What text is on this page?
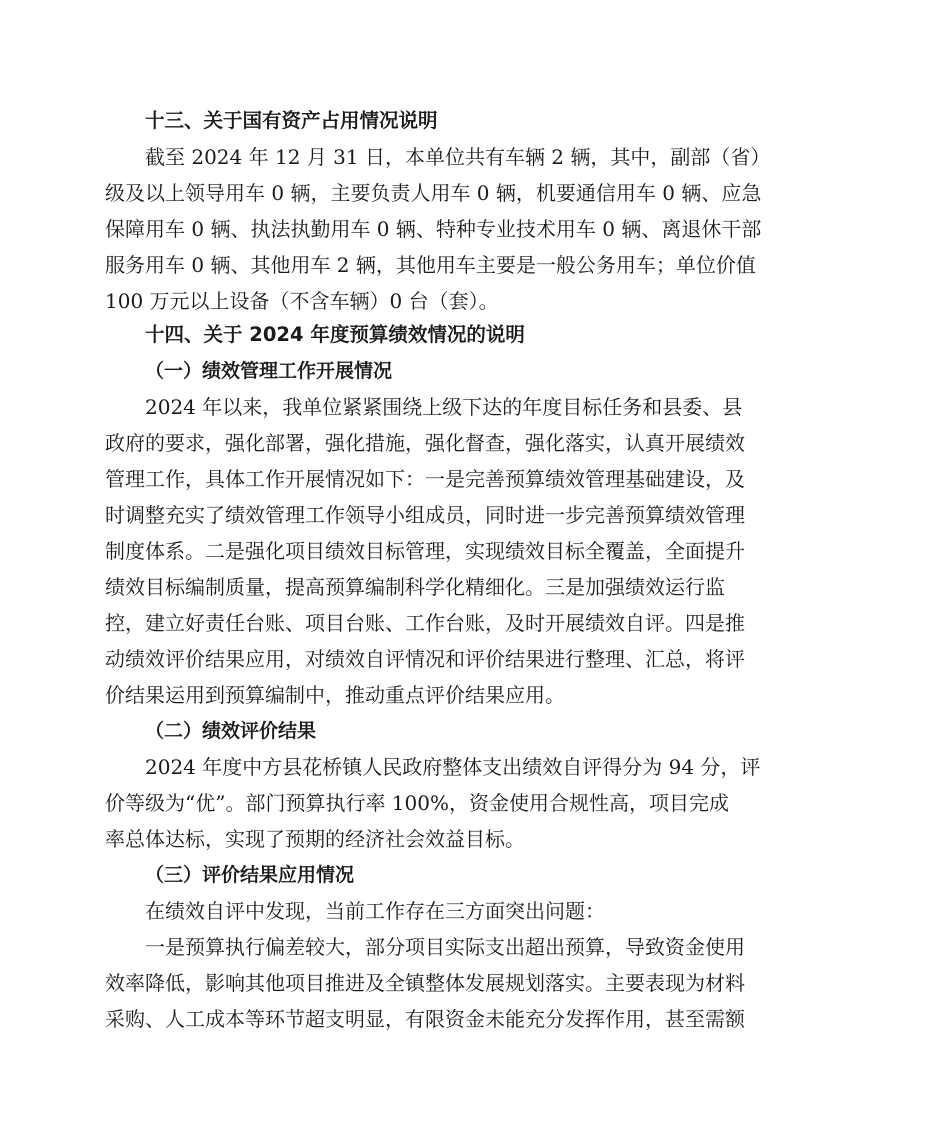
十三、关于国有资产占用情况说明
截至 2024 年 12 月 31 日，本单位共有车辆 2 辆，其中，副部（省）
级及以上领导用车 0 辆，主要负责人用车 0 辆，机要通信用车 0 辆、应急
保障用车 0 辆、执法执勤用车 0 辆、特种专业技术用车 0 辆、离退休干部
服务用车 0 辆、其他用车 2 辆，其他用车主要是一般公务用车；单位价值
100 万元以上设备（不含车辆）0 台（套）。
十四、关于 2024 年度预算绩效情况的说明
（一）绩效管理工作开展情况
2024 年以来，我单位紧紧围绕上级下达的年度目标任务和县委、县
政府的要求，强化部署，强化措施，强化督查，强化落实，认真开展绩效
管理工作，具体工作开展情况如下：一是完善预算绩效管理基础建设，及
时调整充实了绩效管理工作领导小组成员，同时进一步完善预算绩效管理
制度体系。二是强化项目绩效目标管理，实现绩效目标全覆盖，全面提升
绩效目标编制质量，提高预算编制科学化精细化。三是加强绩效运行监
控，建立好责任台账、项目台账、工作台账，及时开展绩效自评。四是推
动绩效评价结果应用，对绩效自评情况和评价结果进行整理、汇总，将评
价结果运用到预算编制中，推动重点评价结果应用。
（二）绩效评价结果
2024 年度中方县花桥镇人民政府整体支出绩效自评得分为 94 分，评
价等级为“优”。部门预算执行率 100%，资金使用合规性高，项目完成
率总体达标，实现了预期的经济社会效益目标。
（三）评价结果应用情况
在绩效自评中发现，当前工作存在三方面突出问题：
一是预算执行偏差较大，部分项目实际支出超出预算，导致资金使用
效率降低，影响其他项目推进及全镇整体发展规划落实。主要表现为材料
采购、人工成本等环节超支明显，有限资金未能充分发挥作用，甚至需额
